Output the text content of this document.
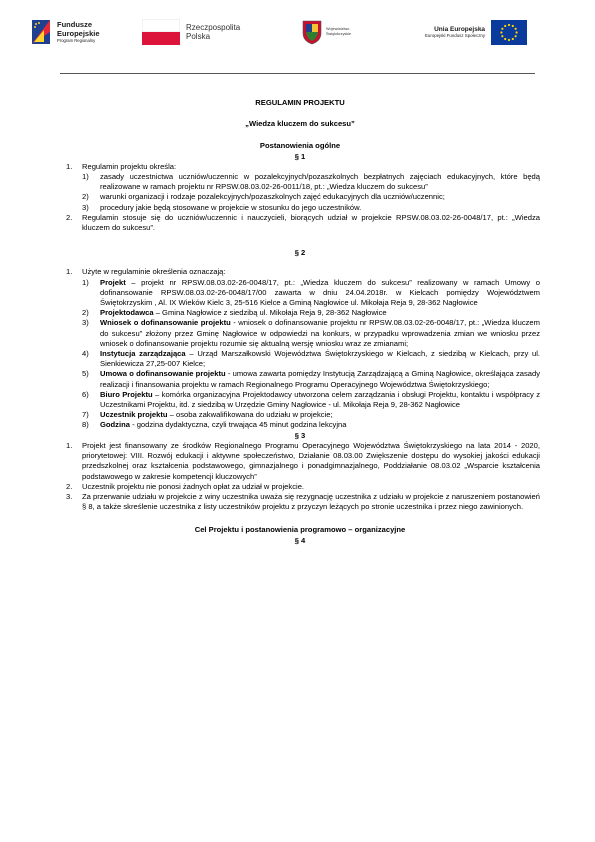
Fundusze
Europejskie
Program Regionalny
Rzeczpospolita
Polska
Województwo
Świętokrzyskie
Unia Europejska
Europejski Fundusz Społeczny
REGULAMIN PROJEKTU
„Wiedza kluczem do sukcesu”
Postanowienia ogólne
§ 1
1.	Regulamin projektu określa:
1)	zasady uczestnictwa uczniów/uczennic w pozalekcyjnych/pozaszkolnych bezpłatnych zajęciach edukacyjnych, które będą realizowane w ramach projektu nr RPSW.08.03.02-26-0011/18, pt.: „Wiedza kluczem do sukcesu”
2)	warunki organizacji i rodzaje pozalekcyjnych/pozaszkolnych zajęć edukacyjnych dla uczniów/uczennic;
3)	procedury jakie będą stosowane w projekcie w stosunku do jego uczestników.
2.	Regulamin stosuje się do uczniów/uczennic i nauczycieli, biorących udział w projekcie RPSW.08.03.02-26-0048/17, pt.: „Wiedza kluczem do sukcesu”.
§ 2
1.	Użyte w regulaminie określenia oznaczają:
1)	Projekt – projekt nr RPSW.08.03.02-26-0048/17, pt.: „Wiedza kluczem do sukcesu” realizowany w ramach Umowy o dofinansowanie RPSW.08.03.02-26-0048/17/00 zawarta w dniu 24.04.2018r. w Kielcach pomiędzy Województwem Świętokrzyskim , Al. IX Wieków Kielc 3, 25-516 Kielce a Gminą Nagłowice ul. Mikołaja Reja 9, 28-362 Nagłowice
2)	Projektodawca – Gmina Nagłowice z siedzibą ul. Mikołaja Reja 9, 28-362 Nagłowice
3)	Wniosek o dofinansowanie projektu - wniosek o dofinansowanie projektu nr RPSW.08.03.02-26-0048/17, pt.: „Wiedza kluczem do sukcesu” złożony przez Gminę Nagłowice w odpowiedzi na konkurs, w przypadku wprowadzenia zmian we wniosku przez wniosek o dofinansowanie projektu rozumie się aktualną wersję wniosku wraz ze zmianami;
4)	Instytucja zarządzająca – Urząd Marszałkowski Województwa Świętokrzyskiego w Kielcach, z siedzibą w Kielcach, przy ul. Sienkiewicza 27,25-007 Kielce;
5)	Umowa o dofinansowanie projektu - umowa zawarta pomiędzy Instytucją Zarządzającą a Gminą Nagłowice, określająca zasady realizacji i finansowania projektu w ramach Regionalnego Programu Operacyjnego Województwa Świętokrzyskiego;
6)	Biuro Projektu – komórka organizacyjna Projektodawcy utworzona celem zarządzania i obsługi Projektu, kontaktu i współpracy z Uczestnikami Projektu, itd. z siedzibą w Urzędzie Gminy Nagłowice - ul. Mikołaja Reja 9, 28-362 Nagłowice
7)	Uczestnik projektu – osoba zakwalifikowana do udziału w projekcie;
8)	Godzina - godzina dydaktyczna, czyli trwająca 45 minut godzina lekcyjna
§ 3
1.	Projekt jest finansowany ze środków Regionalnego Programu Operacyjnego Województwa Świętokrzyskiego na lata 2014 - 2020, priorytetowej: VIII. Rozwój edukacji i aktywne społeczeństwo, Działanie 08.03.00 Zwiększenie dostępu do wysokiej jakości edukacji przedszkolnej oraz kształcenia podstawowego, gimnazjalnego i ponadgimnazjalnego, Poddziałanie 08.03.02 „Wsparcie kształcenia podstawowego w zakresie kompetencji kluczowych”
2.	Uczestnik projektu nie ponosi żadnych opłat za udział w projekcie.
3.	Za przerwanie udziału w projekcie z winy uczestnika uważa się rezygnację uczestnika z udziału w projekcie z naruszeniem postanowień § 8, a także skreślenie uczestnika z listy uczestników projektu z przyczyn leżących po stronie uczestnika i przez niego zawinionych.
Cel Projektu i postanowienia programowo – organizacyjne
§ 4
